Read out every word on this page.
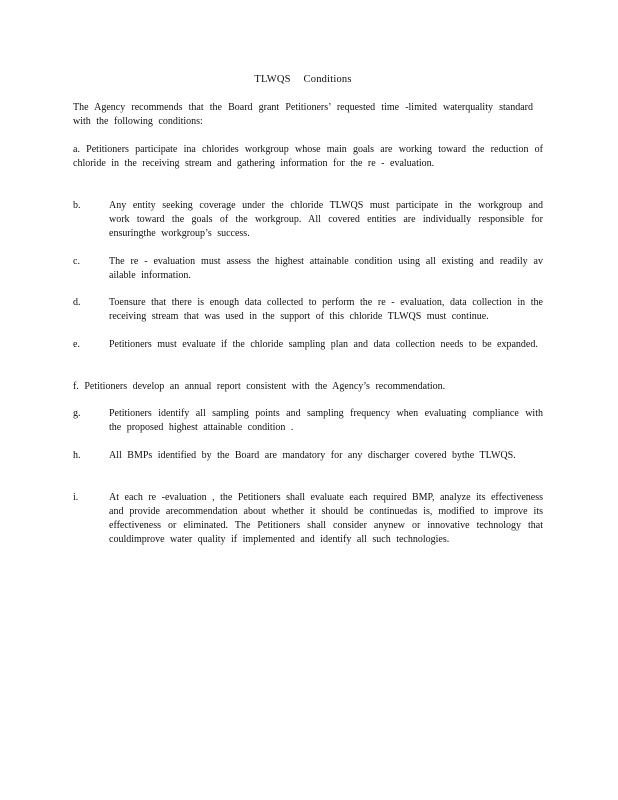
TLWQS Conditions
The Agency recommends that the Board grant Petitioners’ requested time -limited waterquality standard with the following conditions:
a. Petitioners participate ina chlorides workgroup whose main goals are working toward the reduction of chloride in the receiving stream and gathering information for the re - evaluation.
b.	Any entity seeking coverage under the chloride TLWQS must participate in the workgroup and work toward the goals of the workgroup. All covered entities are individually responsible for ensuringthe workgroup’s success.
c.	The re - evaluation must assess the highest attainable condition using all existing and readily av ailable information.
d.	Toensure that there is enough data collected to perform the re - evaluation, data collection in the receiving stream that was used in the support of this chloride TLWQS must continue.
e.	Petitioners must evaluate if the chloride sampling plan and data collection needs to be expanded.
f. Petitioners develop an annual report consistent with the Agency’s recommendation.
g.	Petitioners identify all sampling points and sampling frequency when evaluating compliance with the proposed highest attainable condition .
h.	All BMPs identified by the Board are mandatory for any discharger covered bythe TLWQS.
i.	At each re -evaluation , the Petitioners shall evaluate each required BMP, analyze its effectiveness and provide arecommendation about whether it should be continuedas is, modified to improve its effectiveness or eliminated. The Petitioners shall consider anynew or innovative technology that couldimprove water quality if implemented and identify all such technologies.
